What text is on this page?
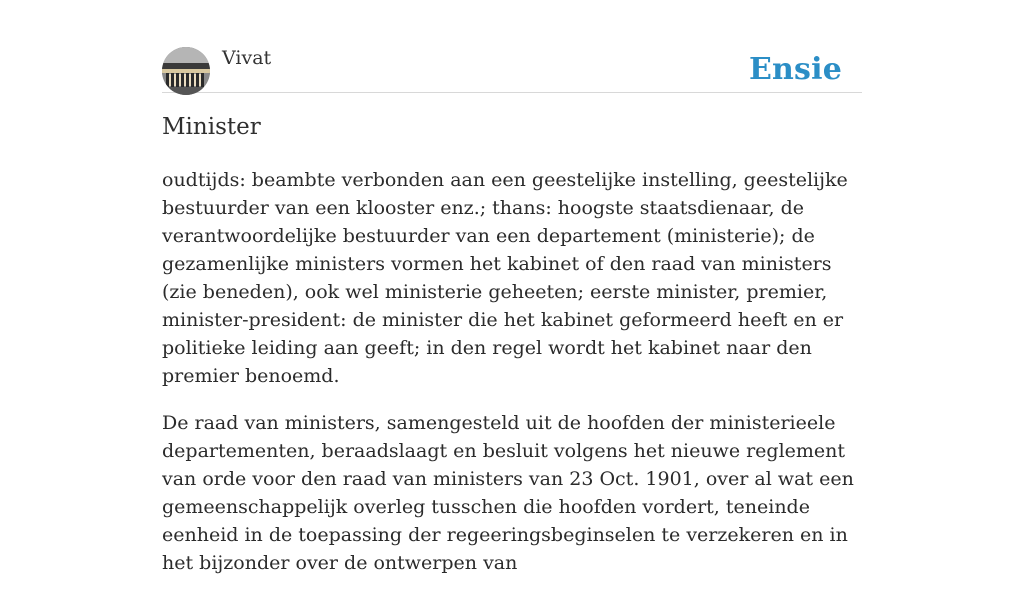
Vivat	Ensie
Minister

oudtijds: beambte verbonden aan een geestelijke instelling, geestelijke bestuurder van een klooster enz.; thans: hoogste staatsdienaar, de verantwoordelijke bestuurder van een departement (ministerie); de gezamenlijke ministers vormen het kabinet of den raad van ministers (zie beneden), ook wel ministerie geheeten; eerste minister, premier, minister-president: de minister die het kabinet geformeerd heeft en er politieke leiding aan geeft; in den regel wordt het kabinet naar den premier benoemd.

De raad van ministers, samengesteld uit de hoofden der ministerieele departementen, beraadslaagt en besluit volgens het nieuwe reglement van orde voor den raad van ministers van 23 Oct. 1901, over al wat een gemeenschappelijk overleg tusschen die hoofden vordert, teneinde eenheid in de toepassing der regeeringsbeginselen te verzekeren en in het bijzonder over de ontwerpen van
